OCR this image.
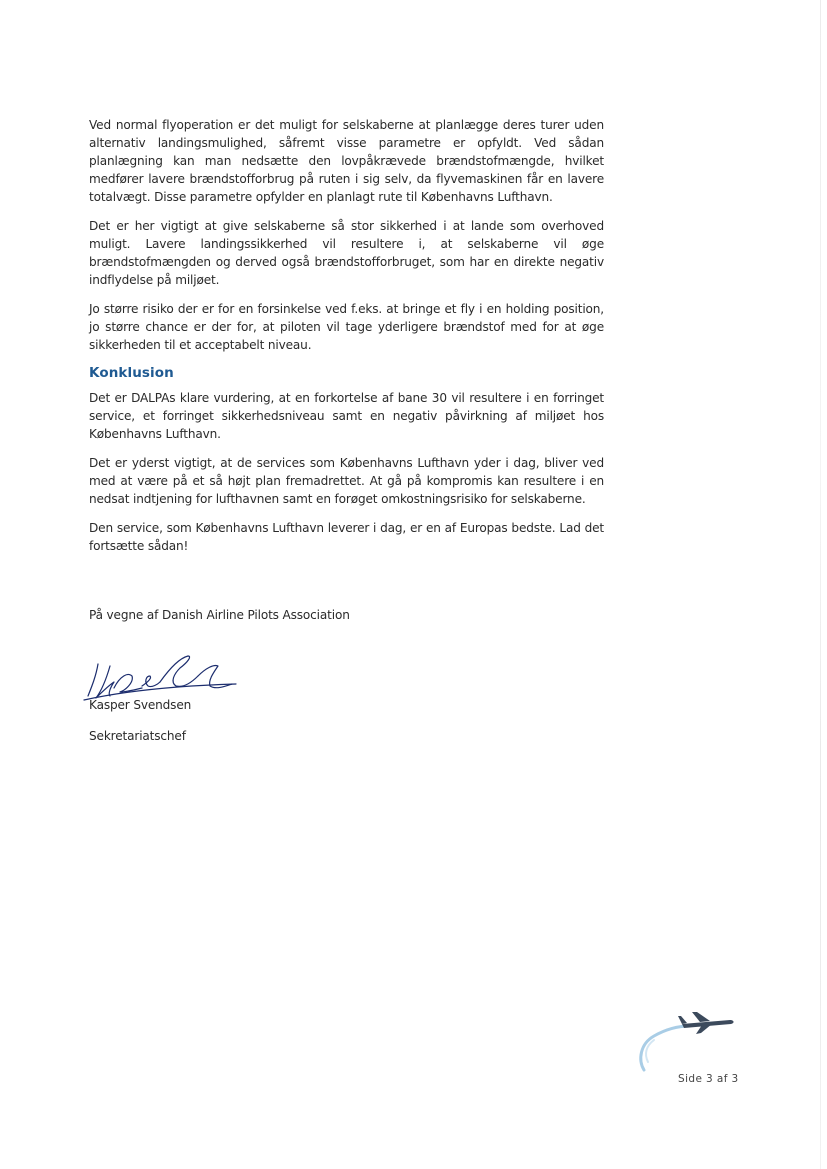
Ved normal flyoperation er det muligt for selskaberne at planlægge deres turer uden alternativ landingsmulighed, såfremt visse parametre er opfyldt. Ved sådan planlægning kan man nedsætte den lovpåkrævede brændstofmængde, hvilket medfører lavere brændstofforbrug på ruten i sig selv, da flyvemaskinen får en lavere totalvægt. Disse parametre opfylder en planlagt rute til Københavns Lufthavn.

Det er her vigtigt at give selskaberne så stor sikkerhed i at lande som overhoved muligt. Lavere landingssikkerhed vil resultere i, at selskaberne vil øge brændstofmængden og derved også brændstofforbruget, som har en direkte negativ indflydelse på miljøet.

Jo større risiko der er for en forsinkelse ved f.eks. at bringe et fly i en holding position, jo større chance er der for, at piloten vil tage yderligere brændstof med for at øge sikkerheden til et acceptabelt niveau.

Konklusion

Det er DALPAs klare vurdering, at en forkortelse af bane 30 vil resultere i en forringet service, et forringet sikkerhedsniveau samt en negativ påvirkning af miljøet hos Københavns Lufthavn.

Det er yderst vigtigt, at de services som Københavns Lufthavn yder i dag, bliver ved med at være på et så højt plan fremadrettet. At gå på kompromis kan resultere i en nedsat indtjening for lufthavnen samt en forøget omkostningsrisiko for selskaberne.

Den service, som Københavns Lufthavn leverer i dag, er en af Europas bedste. Lad det fortsætte sådan!

På vegne af Danish Airline Pilots Association
Kasper Svendsen
Sekretariatschef
Side 3 af 3
